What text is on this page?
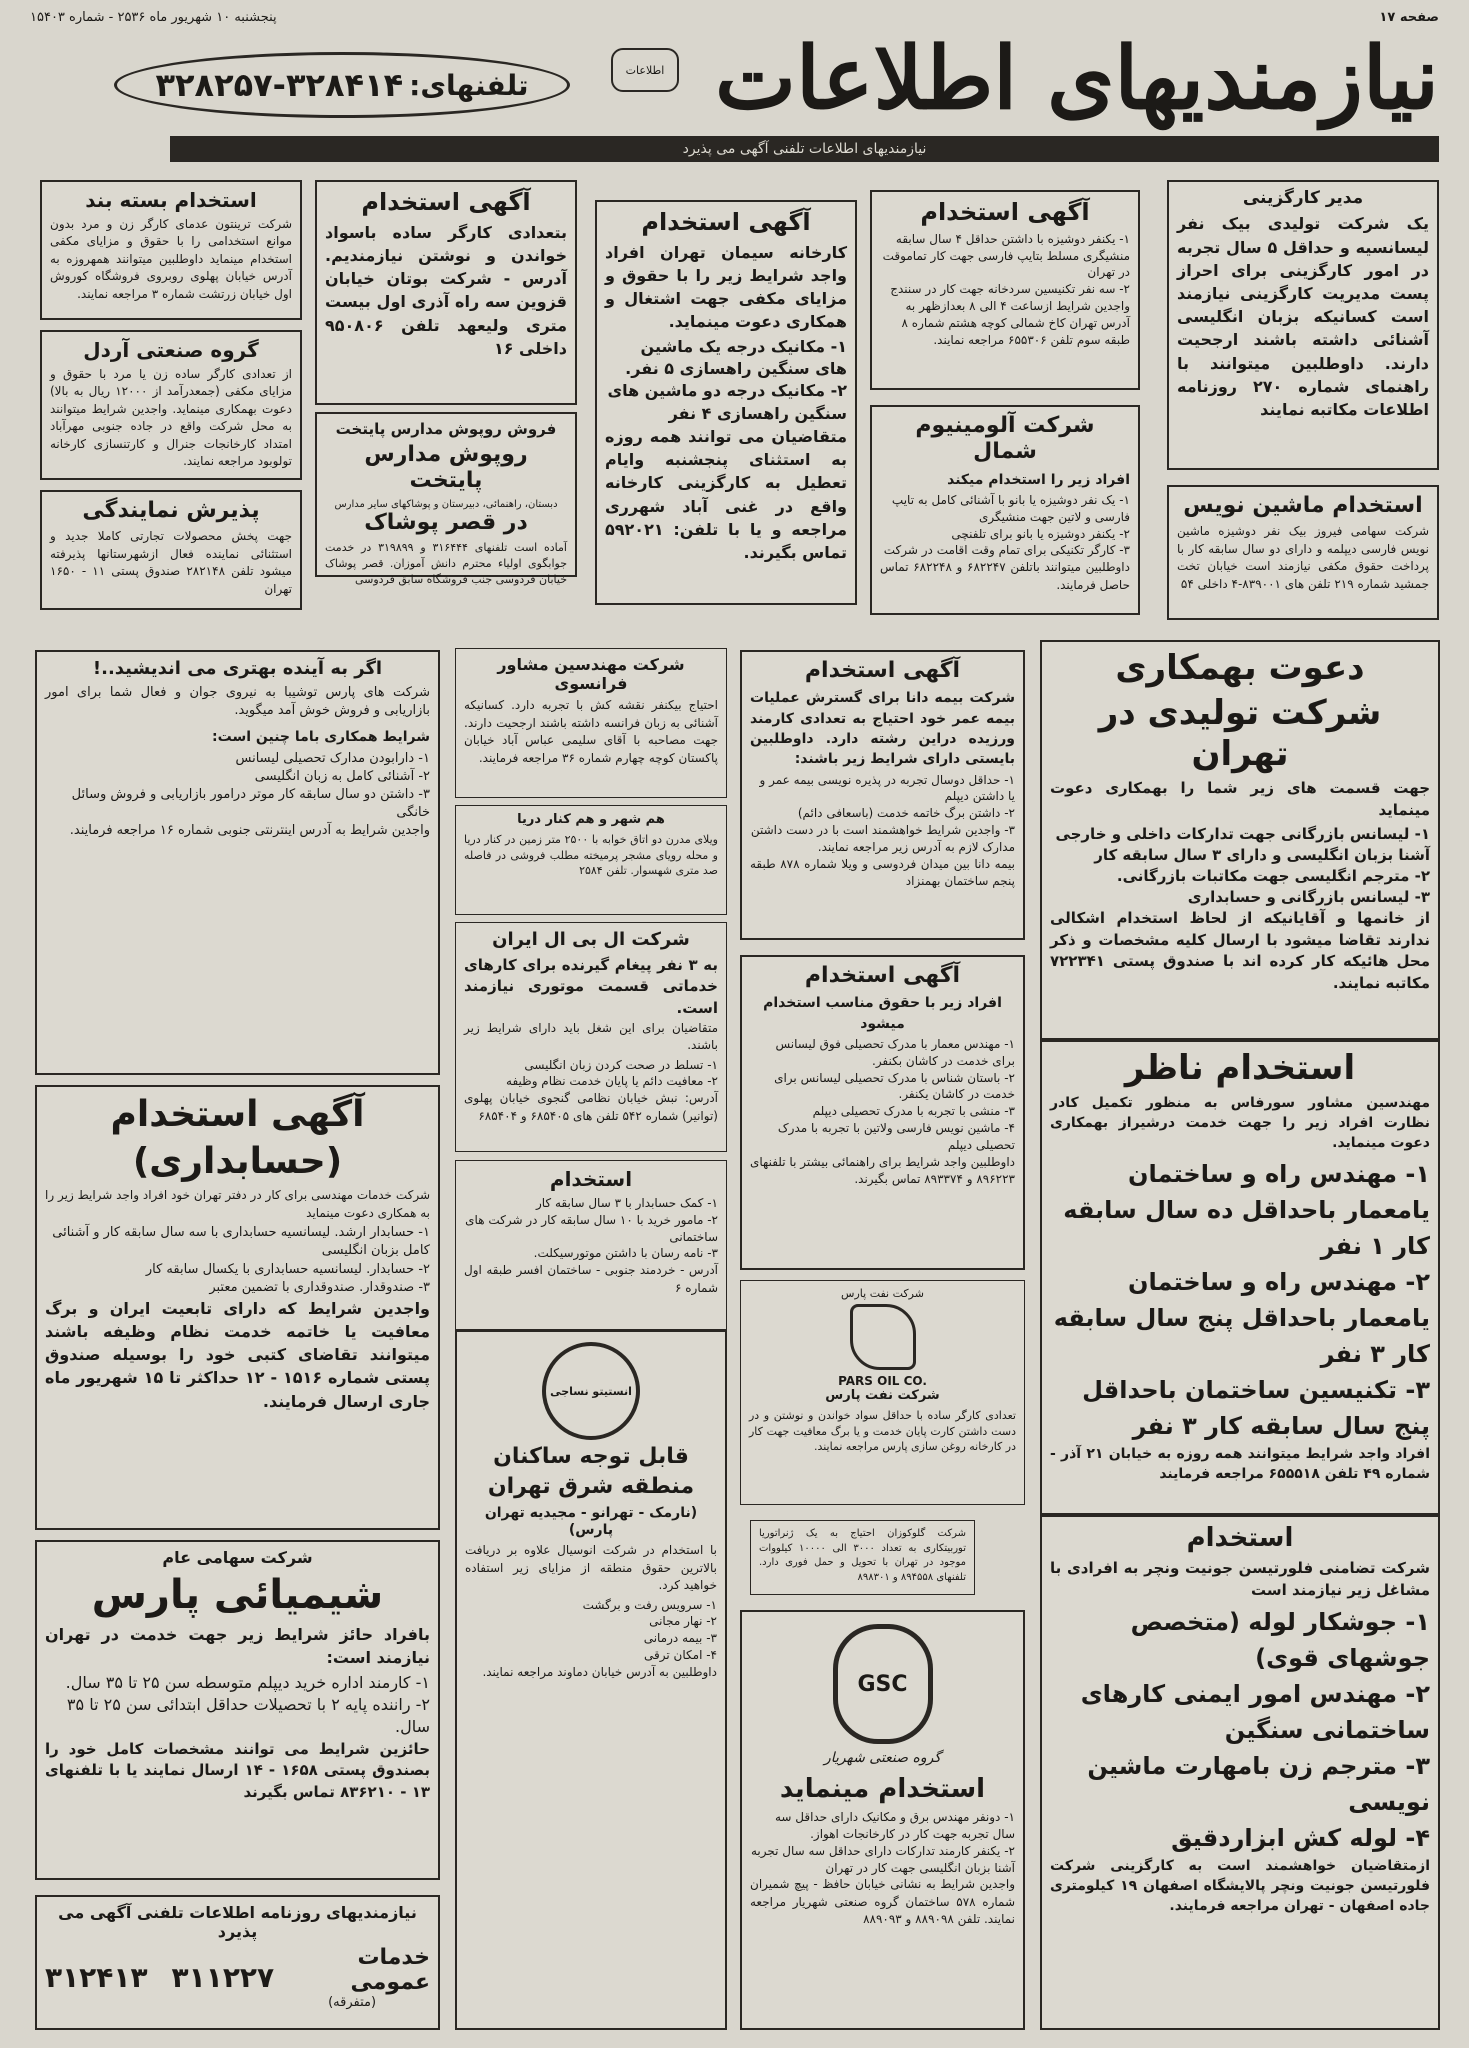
صفحه ۱۷
پنجشنبه ۱۰ شهریور ماه ۲۵۳۶ - شماره ۱۵۴۰۳
نیازمندیهای اطلاعات
اطلاعات
تلفنهای:
۳۲۸۲۵۷-۳۲۸۴۱۴
نیازمندیهای اطلاعات تلفنی آگهی می پذیرد
مدیر کارگزینی

یک شرکت تولیدی بیک نفر لیسانسیه و حداقل ۵ سال تجربه در امور کارگزینی برای احراز پست مدیریت کارگزینی نیازمند است کسانیکه بزبان انگلیسی آشنائی داشته باشند ارجحیت دارند. داوطلبین میتوانند با راهنمای شماره ۲۷۰ روزنامه اطلاعات مکاتبه نمایند

آگهی استخدام
۱- یکنفر دوشیزه با داشتن حداقل ۴ سال سابقه منشیگری مسلط بتایپ فارسی جهت کار تماموقت در تهران
۲- سه نفر تکنیسین سردخانه جهت کار در سنندج
واجدین شرایط ازساعت ۴ الی ۸ بعدازظهر به آدرس تهران کاخ شمالی کوچه هشتم شماره ۸ طبقه سوم تلفن ۶۵۵۳۰۶ مراجعه نمایند.
آگهی استخدام

کارخانه سیمان تهران افراد واجد شرایط زیر را با حقوق و مزایای مکفی جهت اشتغال و همکاری دعوت مینماید.

۱- مکانیک درجه یک ماشین های سنگین راهسازی ۵ نفر.
۲- مکانیک درجه دو ماشین های سنگین راهسازی ۴ نفر

متقاضیان می توانند همه روزه به استثنای پنجشنبه وایام تعطیل به کارگزینی کارخانه واقع در غنی آباد شهرری مراجعه و یا با تلفن: ۵۹۲۰۲۱ تماس بگیرند.

آگهی استخدام

بتعدادی کارگر ساده باسواد خواندن و نوشتن نیازمندیم. آدرس - شرکت بوتان خیابان قزوین سه راه آذری اول بیست متری ولیعهد تلفن ۹۵۰۸۰۶ داخلی ۱۶

استخدام بسته بند

شرکت ترینتون عدمای کارگر زن و مرد بدون موانع استخدامی را با حقوق و مزایای مکفی استخدام مینماید داوطلبین میتوانند همهروزه به آدرس خیابان پهلوی روبروی فروشگاه کوروش اول خیابان زرتشت شماره ۳ مراجعه نمایند.

گروه صنعتی آردل

از تعدادی کارگر ساده زن یا مرد با حقوق و مزایای مکفی (جمعدرآمد از ۱۲۰۰۰ ریال به بالا) دعوت بهمکاری مینماید. واجدین شرایط میتوانند به محل شرکت واقع در جاده جنوبی مهرآباد امتداد کارخانجات جنرال و کارتنسازی کارخانه تولوبود مراجعه نمایند.

فروش روپوش مدارس پایتخت
روپوش مدارس پایتخت
دبستان، راهنمائی، دبیرستان و پوشاکهای سایر مدارس
در قصر پوشاک

آماده است تلفنهای ۳۱۶۴۴۴ و ۳۱۹۸۹۹ در خدمت جوابگوی اولیاء محترم دانش آموزان. قصر پوشاک خیابان فردوسی جنب فروشگاه سابق فردوسی

شرکت آلومینیوم شمال

افراد زیر را استخدام میکند

۱- یک نفر دوشیزه یا بانو با آشنائی کامل به تایپ فارسی و لاتین جهت منشیگری
۲- یکنفر دوشیزه یا بانو برای تلفنچی
۳- کارگر تکنیکی برای تمام وقت اقامت در شرکت

داوطلبین میتوانند باتلفن ۶۸۲۲۴۷ و ۶۸۲۲۴۸ تماس حاصل فرمایند.

پذیرش نمایندگی

جهت پخش محصولات تجارتی کاملا جدید و استثنائی نماینده فعال ازشهرستانها پذیرفته میشود تلفن ۲۸۲۱۴۸ صندوق پستی ۱۱ - ۱۶۵۰ تهران

استخدام ماشین نویس

شرکت سهامی فیروز بیک نفر دوشیزه ماشین نویس فارسی دیپلمه و دارای دو سال سابقه کار با پرداخت حقوق مکفی نیازمند است خیابان تخت جمشید شماره ۲۱۹ تلفن های ۸۳۹۰۰۱-۴ داخلی ۵۴

دعوت بهمکاری
شرکت تولیدی در تهران

جهت قسمت های زیر شما را بهمکاری دعوت مینماید

۱- لیسانس بازرگانی جهت تدارکات داخلی و خارجی آشنا بزبان انگلیسی و دارای ۳ سال سابقه کار
۲- مترجم انگلیسی جهت مکاتبات بازرگانی.
۳- لیسانس بازرگانی و حسابداری

از خانمها و آقایانیکه از لحاظ استخدام اشکالی ندارند تقاضا میشود با ارسال کلیه مشخصات و ذکر محل هائیکه کار کرده اند با صندوق پستی ۷۲۲۳۴۱ مکاتبه نمایند.

آگهی استخدام

شرکت بیمه دانا برای گسترش عملیات بیمه عمر خود احتیاج به تعدادی کارمند ورزیده دراین رشته دارد. داوطلبین بایستی دارای شرایط زیر باشند:

۱- حداقل دوسال تجربه در پذیره نویسی بیمه عمر و یا داشتن دیپلم
۲- داشتن برگ خاتمه خدمت (باسعافی دائم)
۳- واجدین شرایط خواهشمند است با در دست داشتن مدارک لازم به آدرس زیر مراجعه نمایند.

بیمه دانا بین میدان فردوسی و ویلا شماره ۸۷۸ طبقه پنجم ساختمان بهمنزاد

شرکت مهندسین مشاور فرانسوی

احتیاج بیکنفر نقشه کش با تجربه دارد. کسانیکه آشنائی به زبان فرانسه داشته باشند ارجحیت دارند. جهت مصاحبه با آقای سلیمی عباس آباد خیابان پاکستان کوچه چهارم شماره ۳۶ مراجعه فرمایند.

اگر به آینده بهتری می اندیشید..!

شرکت های پارس توشیبا به نیروی جوان و فعال شما برای امور بازاریابی و فروش خوش آمد میگوید.

شرایط همکاری باما چنین است:

۱- دارابودن مدارک تحصیلی لیسانس
۲- آشنائی کامل به زبان انگلیسی
۳- داشتن دو سال سابقه کار موتر درامور بازاریابی و فروش وسائل خانگی

واجدین شرایط به آدرس اینترنتی جنوبی شماره ۱۶ مراجعه فرمایند.

هم شهر و هم کنار دریا

ویلای مدرن دو اتاق خوابه با ۲۵۰۰ متر زمین در کنار دریا و محله رویای مشجر پرمیخته مطلب فروشی در فاصله صد متری شهسوار. تلفن ۲۵۸۴

شرکت ال بی ال ایران

به ۳ نفر پیغام گیرنده برای کارهای خدماتی قسمت موتوری نیازمند است.

متقاضیان برای این شغل باید دارای شرایط زیر باشند.

۱- تسلط در صحت کردن زبان انگلیسی
۲- معافیت دائم یا پایان خدمت نظام وظیفه

آدرس: نبش خیابان نظامی گنجوی خیابان پهلوی (توانیر) شماره ۵۴۲ تلفن های ۶۸۵۴۰۵ و ۶۸۵۴۰۴

آگهی استخدام

افراد زیر با حقوق مناسب استخدام میشود

۱- مهندس معمار با مدرک تحصیلی فوق لیسانس برای خدمت در کاشان بکنفر.
۲- باستان شناس با مدرک تحصیلی لیسانس برای خدمت در کاشان یکنفر.
۳- منشی با تجربه با مدرک تحصیلی دیپلم
۴- ماشین نویس فارسی ولاتین با تجربه با مدرک تحصیلی دیپلم

داوطلبین واجد شرایط برای راهنمائی بیشتر با تلفنهای ۸۹۶۲۲۳ و ۸۹۳۳۷۴ تماس بگیرند.

استخدام ناظر

مهندسین مشاور سورفاس به منظور تکمیل کادر نظارت افراد زیر را جهت خدمت درشیراز بهمکاری دعوت مینماید.

۱- مهندس راه و ساختمان یامعمار باحداقل ده سال سابقه کار ۱ نفر
۲- مهندس راه و ساختمان یامعمار باحداقل پنج سال سابقه کار ۳ نفر
۳- تکنیسین ساختمان باحداقل پنج سال سابقه کار ۳ نفر

افراد واجد شرایط میتوانند همه روزه به خیابان ۲۱ آذر - شماره ۴۹ تلفن ۶۵۵۵۱۸ مراجعه فرمایند

آگهی استخدام
(حسابداری)

شرکت خدمات مهندسی برای کار در دفتر تهران خود افراد واجد شرایط زیر را به همکاری دعوت مینماید

۱- حسابدار ارشد. لیسانسیه حسابداری با سه سال سابقه کار و آشنائی کامل بزبان انگلیسی
۲- حسابدار. لیسانسیه حسابداری با یکسال سابقه کار
۳- صندوقدار. صندوقداری با تضمین معتبر

واجدین شرایط که دارای تابعیت ایران و برگ معافیت یا خاتمه خدمت نظام وظیفه باشند میتوانند تقاضای کتبی خود را بوسیله صندوق پستی شماره ۱۵۱۶ - ۱۲ حداکثر تا ۱۵ شهریور ماه جاری ارسال فرمایند.

استخدام
۱- کمک حسابدار با ۳ سال سابقه کار
۲- مامور خرید با ۱۰ سال سابقه کار در شرکت های ساختمانی
۳- نامه رسان با داشتن موتورسیکلت.

آدرس - خردمند جنوبی - ساختمان افسر طبقه اول شماره ۶	شرکت نفت پارس
PARS OIL CO.
شرکت نفت پارس

تعدادی کارگر ساده با حداقل سواد خواندن و نوشتن و در دست داشتن کارت پایان خدمت و یا برگ معافیت جهت کار در کارخانه روغن سازی پارس مراجعه نمایند.

انستیتو نساجی
قابل توجه ساکنان
منطقه شرق تهران
(نارمک - تهرانو - مجیدیه تهران پارس)

با استخدام در شرکت انوسیال علاوه بر دریافت بالاترین حقوق منطقه از مزایای زیر استفاده خواهید کرد.

۱- سرویس رفت و برگشت
۲- نهار مجانی
۳- بیمه درمانی
۴- امکان ترقی

داوطلبین به آدرس خیابان دماوند مراجعه نمایند.

شرکت گلوکوزان احتیاج به یک ژنراتوریا توربیتکاری به تعداد ۳۰۰۰ الی ۱۰۰۰۰ کیلووات موجود در تهران با تحویل و حمل فوری دارد. تلفنهای ۸۹۴۵۵۸ و ۸۹۸۳۰۱

GSC
گروه صنعتی شهریار
استخدام مینماید
۱- دونفر مهندس برق و مکانیک دارای حداقل سه سال تجربه جهت کار در کارخانجات اهواز.
۲- یکنفر کارمند تدارکات دارای حداقل سه سال تجربه آشنا بزبان انگلیسی جهت کار در تهران

واجدین شرایط به نشانی خیابان حافظ - پیچ شمیران شماره ۵۷۸ ساختمان گروه صنعتی شهریار مراجعه نمایند. تلفن ۸۸۹۰۹۸ و ۸۸۹۰۹۳

شرکت سهامی عام
شیمیائی پارس

بافراد حائز شرایط زیر جهت خدمت در تهران نیازمند است:

۱- کارمند اداره خرید دیپلم متوسطه سن ۲۵ تا ۳۵ سال.
۲- راننده پایه ۲ با تحصیلات حداقل ابتدائی سن ۲۵ تا ۳۵ سال.

حائزین شرایط می توانند مشخصات کامل خود را بصندوق پستی ۱۶۵۸ - ۱۴ ارسال نمایند یا با تلفنهای ۱۳ - ۸۳۶۲۱۰ تماس بگیرند

استخدام

شرکت تضامنی فلورتیسن جونیت ونچر به افرادی با مشاغل زیر نیازمند است

۱- جوشکار لوله (متخصص جوشهای قوی)
۲- مهندس امور ایمنی کارهای ساختمانی سنگین
۳- مترجم زن بامهارت ماشین نویسی
۴- لوله کش ابزاردقیق

ازمتقاضیان خواهشمند است به کارگزینی شرکت فلورتیسن جونیت ونچر پالایشگاه اصفهان ۱۹ کیلومتری جاده اصفهان - تهران مراجعه فرمایند.

نیازمندیهای روزنامه اطلاعات تلفنی آگهی می پذیرد
خدمات عمومی
(متفرقه)
۳۱۱۲۲۷
۳۱۲۴۱۳
